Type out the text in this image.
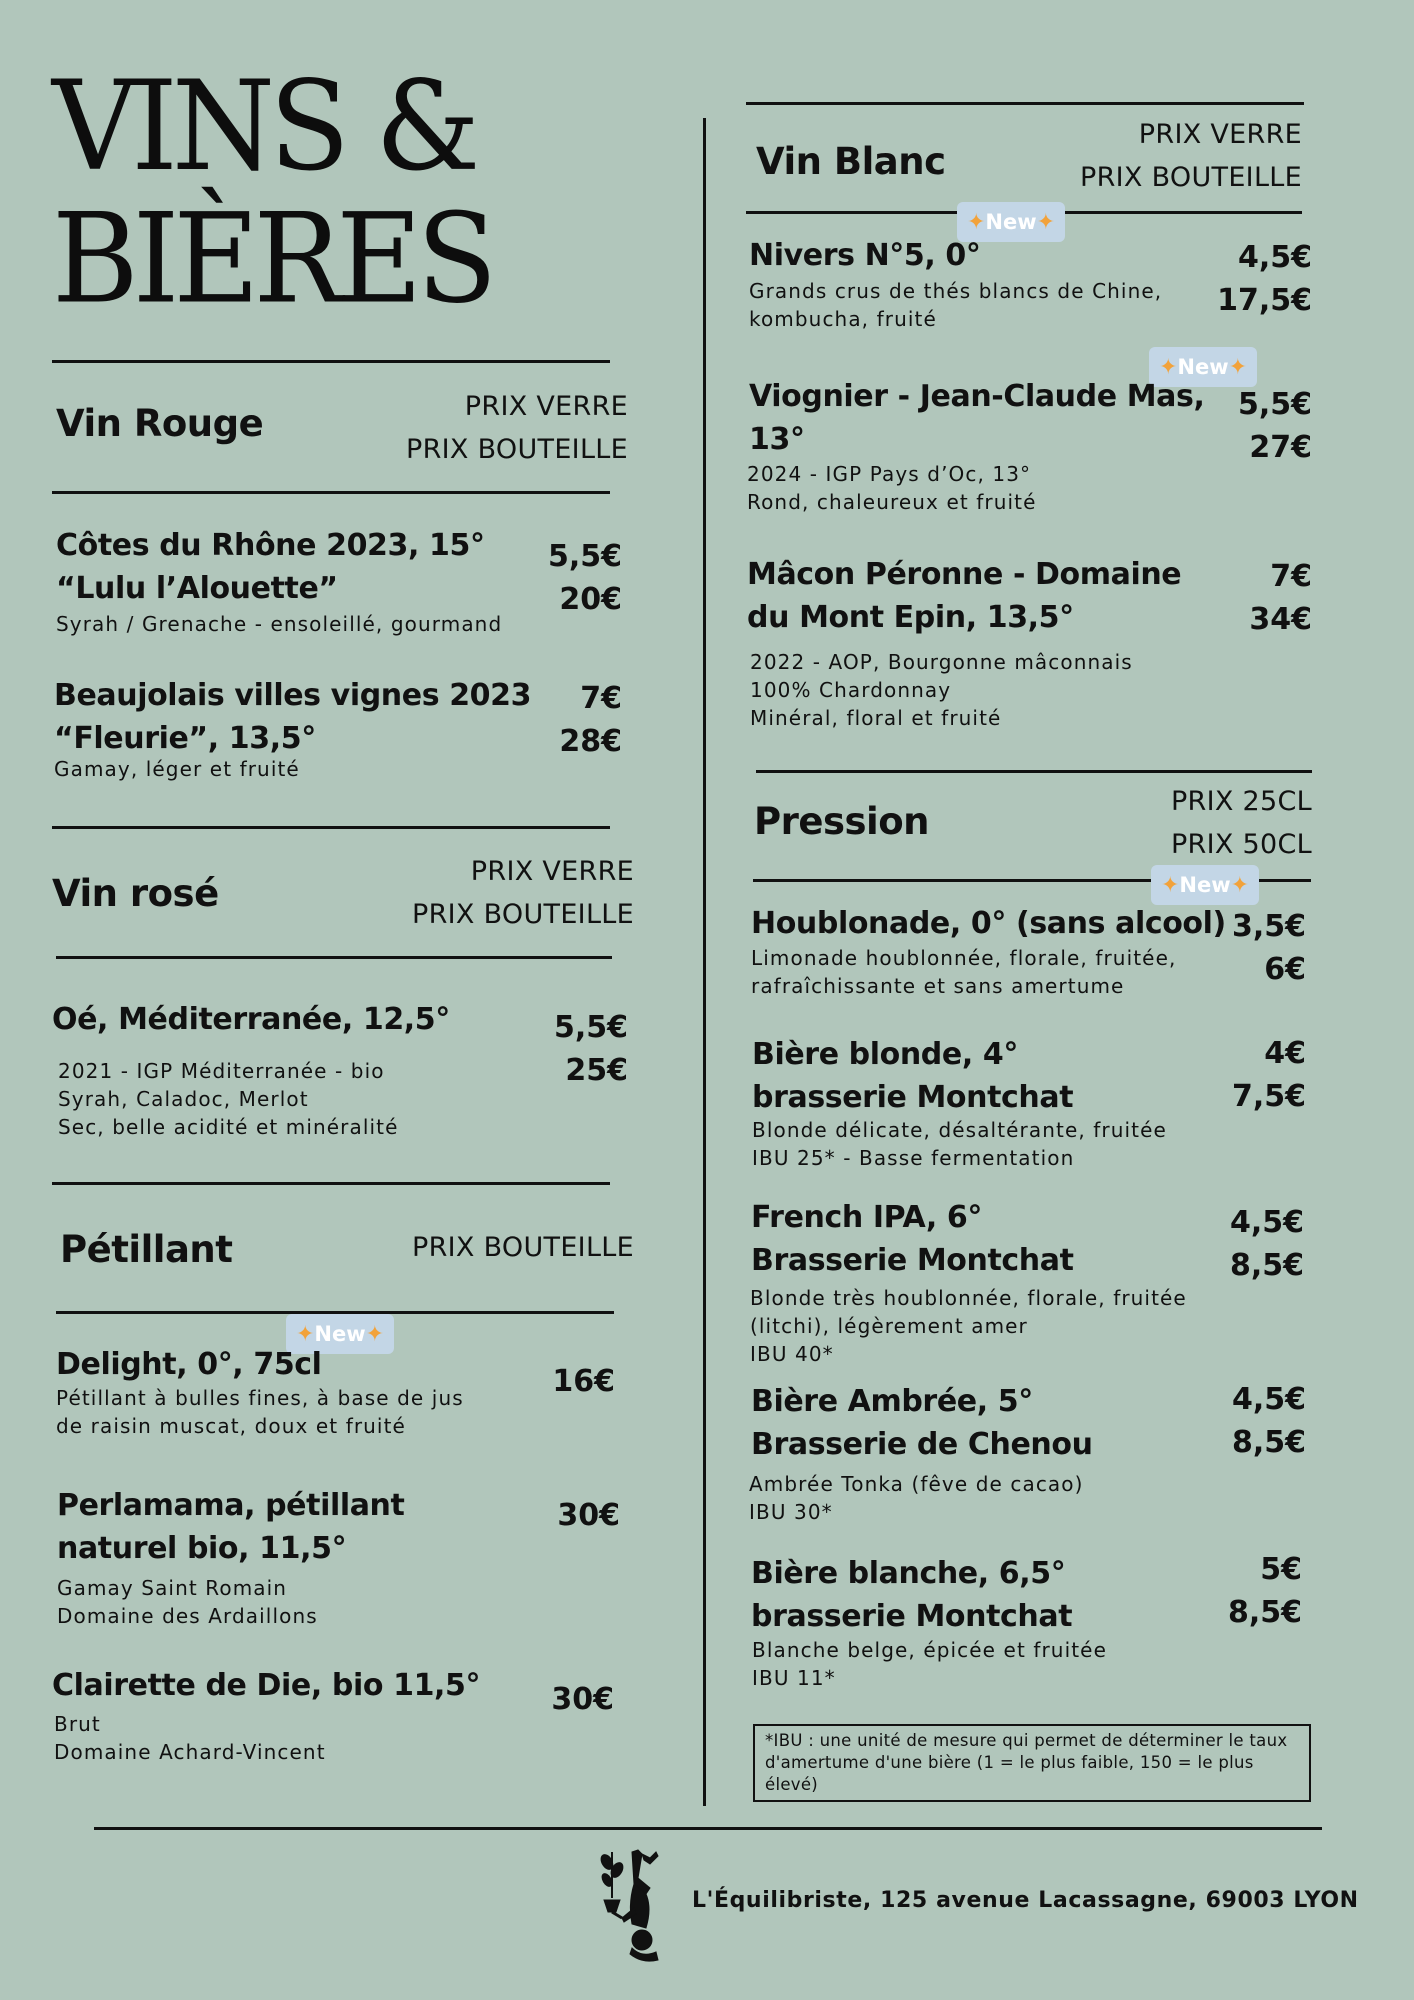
VINS &
BIÈRES
Vin Rouge	PRIX VERRE
PRIX BOUTEILLE
Côtes du Rhône 2023, 15°
“Lulu l’Alouette”
Syrah / Grenache - ensoleillé, gourmand
5,5€
20€
Beaujolais villes vignes 2023
“Fleurie”, 13,5°
Gamay, léger et fruité
7€
28€
Vin rosé
PRIX VERRE
PRIX BOUTEILLE
Oé, Méditerranée, 12,5°
2021 - IGP Méditerranée - bio
Syrah, Caladoc, Merlot
Sec, belle acidité et minéralité
5,5€
25€
Pétillant	PRIX BOUTEILLE
✦ New ✦
Delight, 0°, 75cl
Pétillant à bulles fines, à base de jus
de raisin muscat, doux et fruité
16€
Perlamama, pétillant
naturel bio, 11,5°
Gamay Saint Romain
Domaine des Ardaillons
30€
Clairette de Die, bio 11,5°
Brut
Domaine Achard-Vincent
30€
Vin Blanc
PRIX VERRE
PRIX BOUTEILLE
✦ New ✦
Nivers N°5, 0°
Grands crus de thés blancs de Chine,
kombucha, fruité
4,5€
17,5€
✦ New ✦
Viognier - Jean-Claude Mas,
13°
2024 - IGP Pays d’Oc, 13°
Rond, chaleureux et fruité
5,5€
27€
Mâcon Péronne - Domaine
du Mont Epin, 13,5°
2022 - AOP, Bourgonne mâconnais
100% Chardonnay
Minéral, floral et fruité
7€
34€
Pression	PRIX 25CL
PRIX 50CL
✦ New ✦
Houblonade, 0° (sans alcool)
Limonade houblonnée, florale, fruitée,
rafraîchissante et sans amertume
3,5€
6€
Bière blonde, 4°
brasserie Montchat
Blonde délicate, désaltérante, fruitée
IBU 25* - Basse fermentation
4€
7,5€
French IPA, 6°
Brasserie Montchat
Blonde très houblonnée, florale, fruitée
(litchi), légèrement amer
IBU 40*
4,5€
8,5€
Bière Ambrée, 5°
Brasserie de Chenou
Ambrée Tonka (fêve de cacao)
IBU 30*
4,5€
8,5€
Bière blanche, 6,5°
brasserie Montchat
Blanche belge, épicée et fruitée
IBU 11*
5€
8,5€
*IBU : une unité de mesure qui permet de déterminer le taux d'amertume d'une bière (1 = le plus faible, 150 = le plus élevé)
L'Équilibriste, 125 avenue Lacassagne, 69003 LYON
